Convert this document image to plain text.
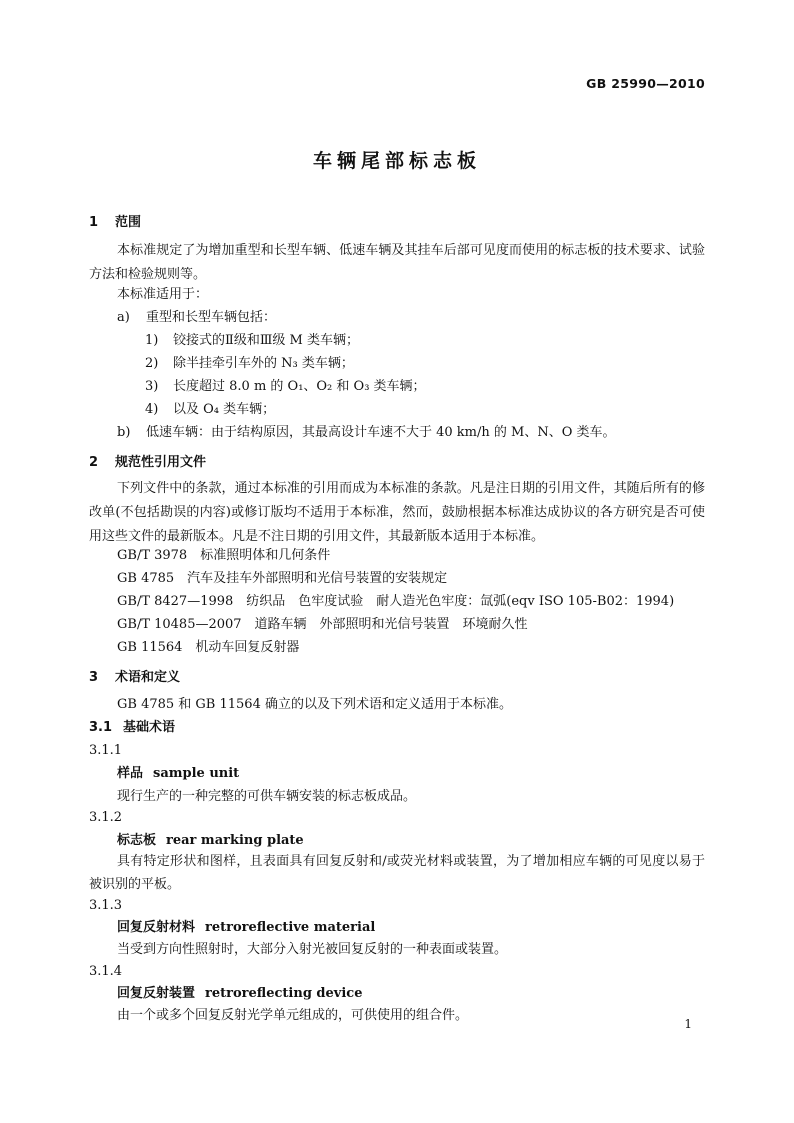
GB 25990—2010
车辆尾部标志板
1 范围
本标准规定了为增加重型和长型车辆、低速车辆及其挂车后部可见度而使用的标志板的技术要求、试验方法和检验规则等。
本标准适用于：
a) 重型和长型车辆包括：
1) 铰接式的Ⅱ级和Ⅲ级 M 类车辆；
2) 除半挂牵引车外的 N₃ 类车辆；
3) 长度超过 8.0 m 的 O₁、O₂ 和 O₃ 类车辆；
4) 以及 O₄ 类车辆；
b) 低速车辆：由于结构原因，其最高设计车速不大于 40 km/h 的 M、N、O 类车。
2 规范性引用文件
下列文件中的条款，通过本标准的引用而成为本标准的条款。凡是注日期的引用文件，其随后所有的修改单(不包括勘误的内容)或修订版均不适用于本标准，然而，鼓励根据本标准达成协议的各方研究是否可使用这些文件的最新版本。凡是不注日期的引用文件，其最新版本适用于本标准。
GB/T 3978　标准照明体和几何条件
GB 4785　汽车及挂车外部照明和光信号装置的安装规定
GB/T 8427—1998　纺织品　色牢度试验　耐人造光色牢度：氙弧(eqv ISO 105-B02：1994)
GB/T 10485—2007　道路车辆　外部照明和光信号装置　环境耐久性
GB 11564　机动车回复反射器
3 术语和定义
GB 4785 和 GB 11564 确立的以及下列术语和定义适用于本标准。
3.1 基础术语
3.1.1
样品 sample unit
现行生产的一种完整的可供车辆安装的标志板成品。
3.1.2
标志板 rear marking plate
具有特定形状和图样，且表面具有回复反射和/或荧光材料或装置，为了增加相应车辆的可见度以易于被识别的平板。
3.1.3
回复反射材料 retroreflective material
当受到方向性照射时，大部分入射光被回复反射的一种表面或装置。
3.1.4
回复反射装置 retroreflecting device
由一个或多个回复反射光学单元组成的，可供使用的组合件。
1
